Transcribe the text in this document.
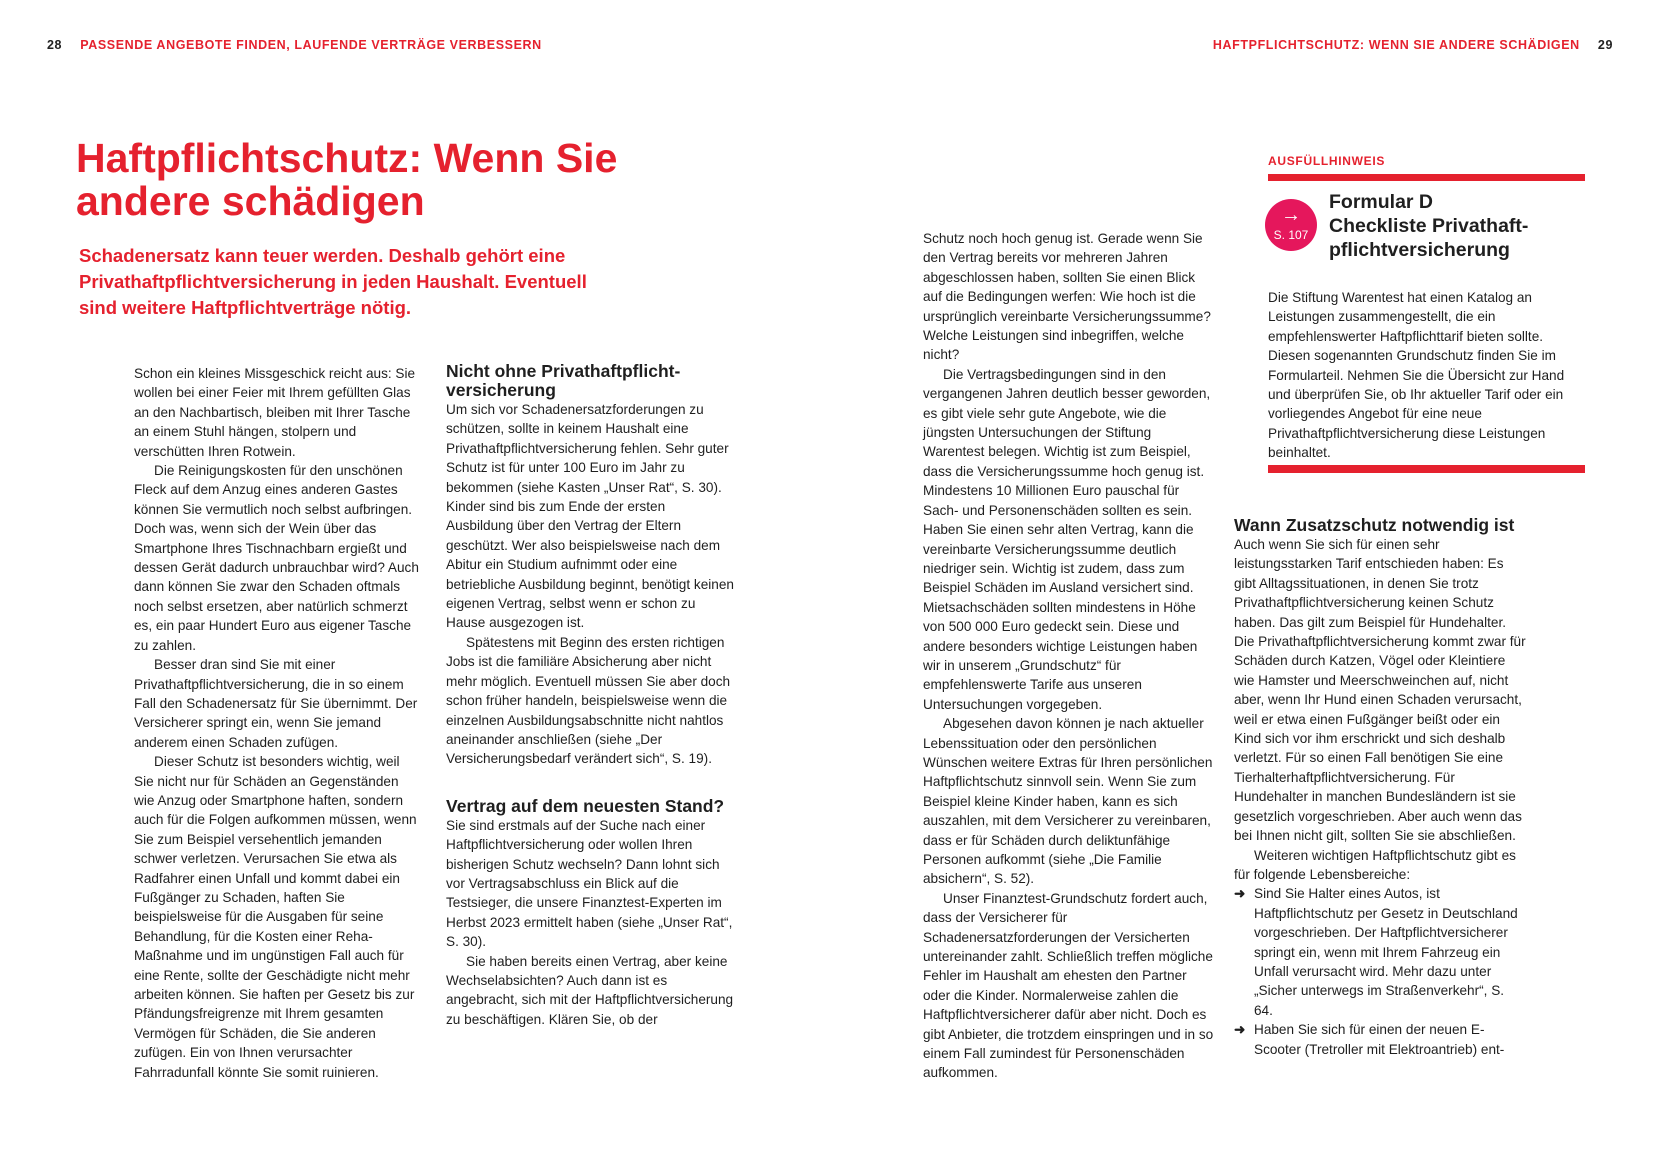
28 PASSENDE ANGEBOTE FINDEN, LAUFENDE VERTRÄGE VERBESSERN	HAFTPFLICHTSCHUTZ: WENN SIE ANDERE SCHÄDIGEN 29
Haftpflichtschutz: Wenn Sie
andere schädigen
Schadenersatz kann teuer werden. Deshalb gehört eine
Privathaftpflichtversicherung in jeden Haushalt. Eventuell
sind weitere Haftpflichtverträge nötig.

Schon ein kleines Missgeschick reicht aus: Sie wollen bei einer Feier mit Ihrem gefüllten Glas an den Nachbartisch, bleiben mit Ihrer Tasche an einem Stuhl hängen, stolpern und verschütten Ihren Rotwein.

Die Reinigungskosten für den unschönen Fleck auf dem Anzug eines anderen Gastes können Sie vermutlich noch selbst aufbringen. Doch was, wenn sich der Wein über das Smartphone Ihres Tischnachbarn ergießt und dessen Gerät dadurch unbrauchbar wird? Auch dann können Sie zwar den Schaden oftmals noch selbst ersetzen, aber natürlich schmerzt es, ein paar Hundert Euro aus eigener Tasche zu zahlen.

Besser dran sind Sie mit einer Privathaftpflichtversicherung, die in so einem Fall den Schadenersatz für Sie übernimmt. Der Versicherer springt ein, wenn Sie jemand anderem einen Schaden zufügen.

Dieser Schutz ist besonders wichtig, weil Sie nicht nur für Schäden an Gegenständen wie Anzug oder Smartphone haften, sondern auch für die Folgen aufkommen müssen, wenn Sie zum Beispiel versehentlich jemanden schwer verletzen. Verursachen Sie etwa als Radfahrer einen Unfall und kommt dabei ein Fußgänger zu Schaden, haften Sie beispielsweise für die Ausgaben für seine Behandlung, für die Kosten einer Reha-Maßnahme und im ungünstigen Fall auch für eine Rente, sollte der Geschädigte nicht mehr arbeiten können. Sie haften per Gesetz bis zur Pfändungsfreigrenze mit Ihrem gesamten Vermögen für Schäden, die Sie anderen zufügen. Ein von Ihnen verursachter Fahrradunfall könnte Sie somit ruinieren.

Nicht ohne Privathaftpflicht-versicherung

Um sich vor Schadenersatzforderungen zu schützen, sollte in keinem Haushalt eine Privathaftpflichtversicherung fehlen. Sehr guter Schutz ist für unter 100 Euro im Jahr zu bekommen (siehe Kasten „Unser Rat“, S. 30). Kinder sind bis zum Ende der ersten Ausbildung über den Vertrag der Eltern geschützt. Wer also beispielsweise nach dem Abitur ein Studium aufnimmt oder eine betriebliche Ausbildung beginnt, benötigt keinen eigenen Vertrag, selbst wenn er schon zu Hause ausgezogen ist.

Spätestens mit Beginn des ersten richtigen Jobs ist die familiäre Absicherung aber nicht mehr möglich. Eventuell müssen Sie aber doch schon früher handeln, beispielsweise wenn die einzelnen Ausbildungsabschnitte nicht nahtlos aneinander anschließen (siehe „Der Versicherungsbedarf verändert sich“, S. 19).

Vertrag auf dem neuesten Stand?

Sie sind erstmals auf der Suche nach einer Haftpflichtversicherung oder wollen Ihren bisherigen Schutz wechseln? Dann lohnt sich vor Vertragsabschluss ein Blick auf die Testsieger, die unsere Finanztest-Experten im Herbst 2023 ermittelt haben (siehe „Unser Rat“, S. 30).

Sie haben bereits einen Vertrag, aber keine Wechselabsichten? Auch dann ist es angebracht, sich mit der Haftpflichtversicherung zu beschäftigen. Klären Sie, ob der

Schutz noch hoch genug ist. Gerade wenn Sie den Vertrag bereits vor mehreren Jahren abgeschlossen haben, sollten Sie einen Blick auf die Bedingungen werfen: Wie hoch ist die ursprünglich vereinbarte Versicherungssumme? Welche Leistungen sind inbegriffen, welche nicht?

Die Vertragsbedingungen sind in den vergangenen Jahren deutlich besser geworden, es gibt viele sehr gute Angebote, wie die jüngsten Untersuchungen der Stiftung Warentest belegen. Wichtig ist zum Beispiel, dass die Versicherungssumme hoch genug ist. Mindestens 10 Millionen Euro pauschal für Sach- und Personenschäden sollten es sein. Haben Sie einen sehr alten Vertrag, kann die vereinbarte Versicherungssumme deutlich niedriger sein. Wichtig ist zudem, dass zum Beispiel Schäden im Ausland versichert sind. Mietsachschäden sollten mindestens in Höhe von 500 000 Euro gedeckt sein. Diese und andere besonders wichtige Leistungen haben wir in unserem „Grundschutz“ für empfehlenswerte Tarife aus unseren Untersuchungen vorgegeben.

Abgesehen davon können je nach aktueller Lebenssituation oder den persönlichen Wünschen weitere Extras für Ihren persönlichen Haftpflichtschutz sinnvoll sein. Wenn Sie zum Beispiel kleine Kinder haben, kann es sich auszahlen, mit dem Versicherer zu vereinbaren, dass er für Schäden durch deliktunfähige Personen aufkommt (siehe „Die Familie absichern“, S. 52).

Unser Finanztest-Grundschutz fordert auch, dass der Versicherer für Schadenersatzforderungen der Versicherten untereinander zahlt. Schließlich treffen mögliche Fehler im Haushalt am ehesten den Partner oder die Kinder. Normalerweise zahlen die Haftpflichtversicherer dafür aber nicht. Doch es gibt Anbieter, die trotzdem einspringen und in so einem Fall zumindest für Personenschäden aufkommen.

AUSFÜLLHINWEIS
→
S. 107
Formular D
Checkliste Privathaft-
pflichtversicherung
Die Stiftung Warentest hat einen Katalog an Leistungen zusammengestellt, die ein empfehlenswerter Haftpflichttarif bieten sollte. Diesen sogenannten Grundschutz finden Sie im Formularteil. Nehmen Sie die Übersicht zur Hand und überprüfen Sie, ob Ihr aktueller Tarif oder ein vorliegendes Angebot für eine neue Privathaftpflichtversicherung diese Leistungen beinhaltet.
Wann Zusatzschutz notwendig ist

Auch wenn Sie sich für einen sehr leistungsstarken Tarif entschieden haben: Es gibt Alltagssituationen, in denen Sie trotz Privathaftpflichtversicherung keinen Schutz haben. Das gilt zum Beispiel für Hundehalter. Die Privathaftpflichtversicherung kommt zwar für Schäden durch Katzen, Vögel oder Kleintiere wie Hamster und Meerschweinchen auf, nicht aber, wenn Ihr Hund einen Schaden verursacht, weil er etwa einen Fußgänger beißt oder ein Kind sich vor ihm erschrickt und sich deshalb verletzt. Für so einen Fall benötigen Sie eine Tierhalterhaftpflichtversicherung. Für Hundehalter in manchen Bundesländern ist sie gesetzlich vorgeschrieben. Aber auch wenn das bei Ihnen nicht gilt, sollten Sie sie abschließen.

Weiteren wichtigen Haftpflichtschutz gibt es für folgende Lebensbereiche:

➜ Sind Sie Halter eines Autos, ist Haftpflichtschutz per Gesetz in Deutschland vorgeschrieben. Der Haftpflichtversicherer springt ein, wenn mit Ihrem Fahrzeug ein Unfall verursacht wird. Mehr dazu unter „Sicher unterwegs im Straßenverkehr“, S. 64.
➜ Haben Sie sich für einen der neuen E-Scooter (Tretroller mit Elektroantrieb) ent-
